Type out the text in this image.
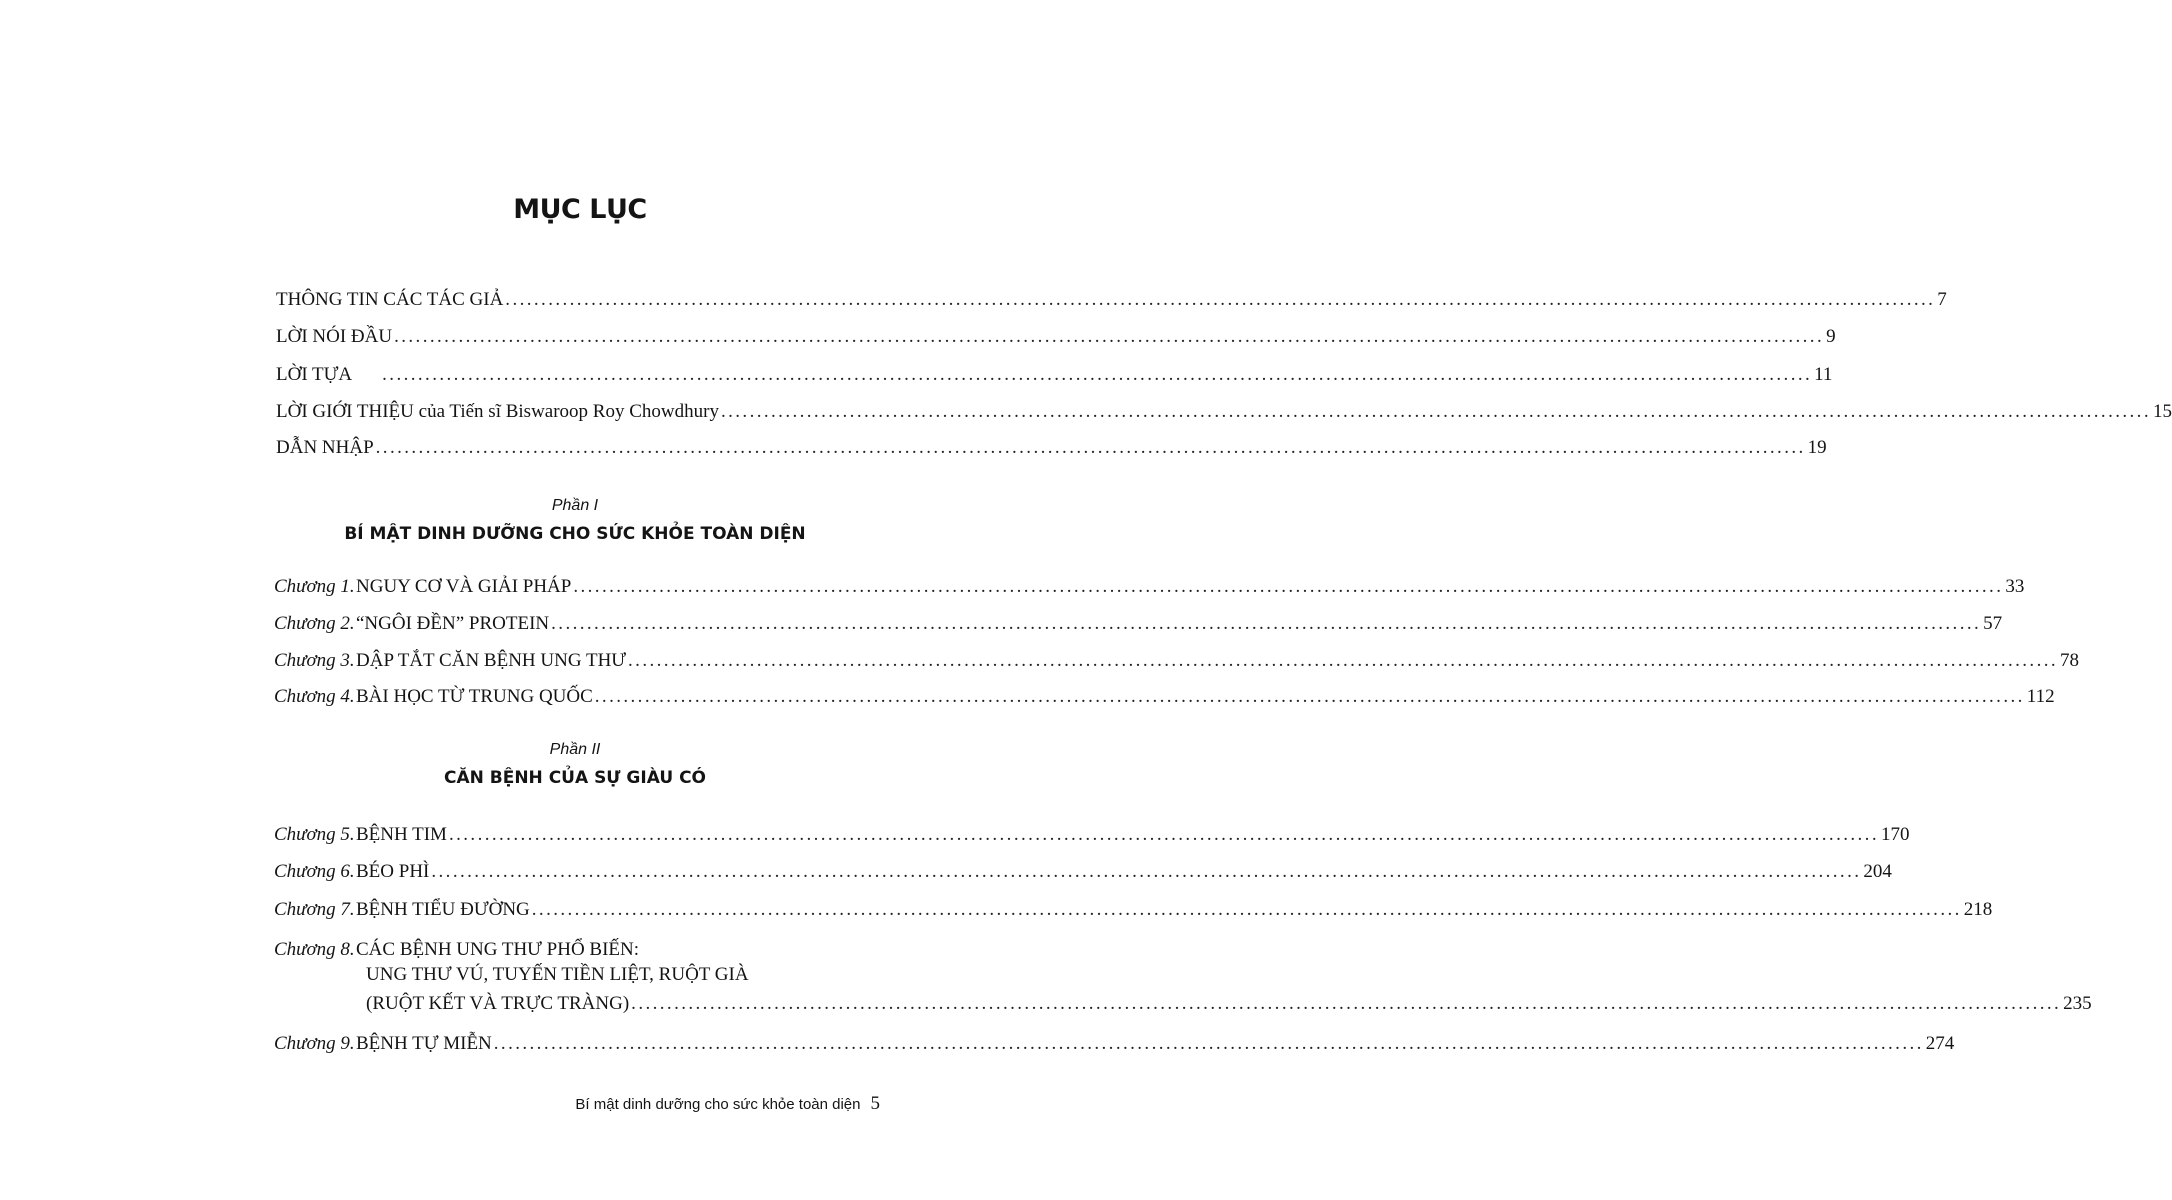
MỤC LỤC
THÔNG TIN CÁC TÁC GIẢ ........................................................................................................................................................................................................ 7
LỜI NÓI ĐẦU ........................................................................................................................................................................................................ 9
LỜI TỰA ........................................................................................................................................................................................................ 11
LỜI GIỚI THIỆU của Tiến sĩ Biswaroop Roy Chowdhury ........................................................................................................................................................................................................ 15
DẪN NHẬP ........................................................................................................................................................................................................ 19
Phần I
BÍ MẬT DINH DƯỠNG CHO SỨC KHỎE TOÀN DIỆN
Chương 1. NGUY CƠ VÀ GIẢI PHÁP ........................................................................................................................................................................................................ 33
Chương 2. “NGÔI ĐỀN” PROTEIN ........................................................................................................................................................................................................ 57
Chương 3. DẬP TẮT CĂN BỆNH UNG THƯ ........................................................................................................................................................................................................ 78
Chương 4. BÀI HỌC TỪ TRUNG QUỐC ........................................................................................................................................................................................................ 112
Phần II
CĂN BỆNH CỦA SỰ GIÀU CÓ
Chương 5. BỆNH TIM ........................................................................................................................................................................................................ 170
Chương 6. BÉO PHÌ ........................................................................................................................................................................................................ 204
Chương 7. BỆNH TIỂU ĐƯỜNG ........................................................................................................................................................................................................ 218
Chương 8. CÁC BỆNH UNG THƯ PHỔ BIẾN:
UNG THƯ VÚ, TUYẾN TIỀN LIỆT, RUỘT GIÀ
(RUỘT KẾT VÀ TRỰC TRÀNG) ........................................................................................................................................................................................................ 235
Chương 9. BỆNH TỰ MIỄN ........................................................................................................................................................................................................ 274
Bí mật dinh dưỡng cho sức khỏe toàn diện 5
